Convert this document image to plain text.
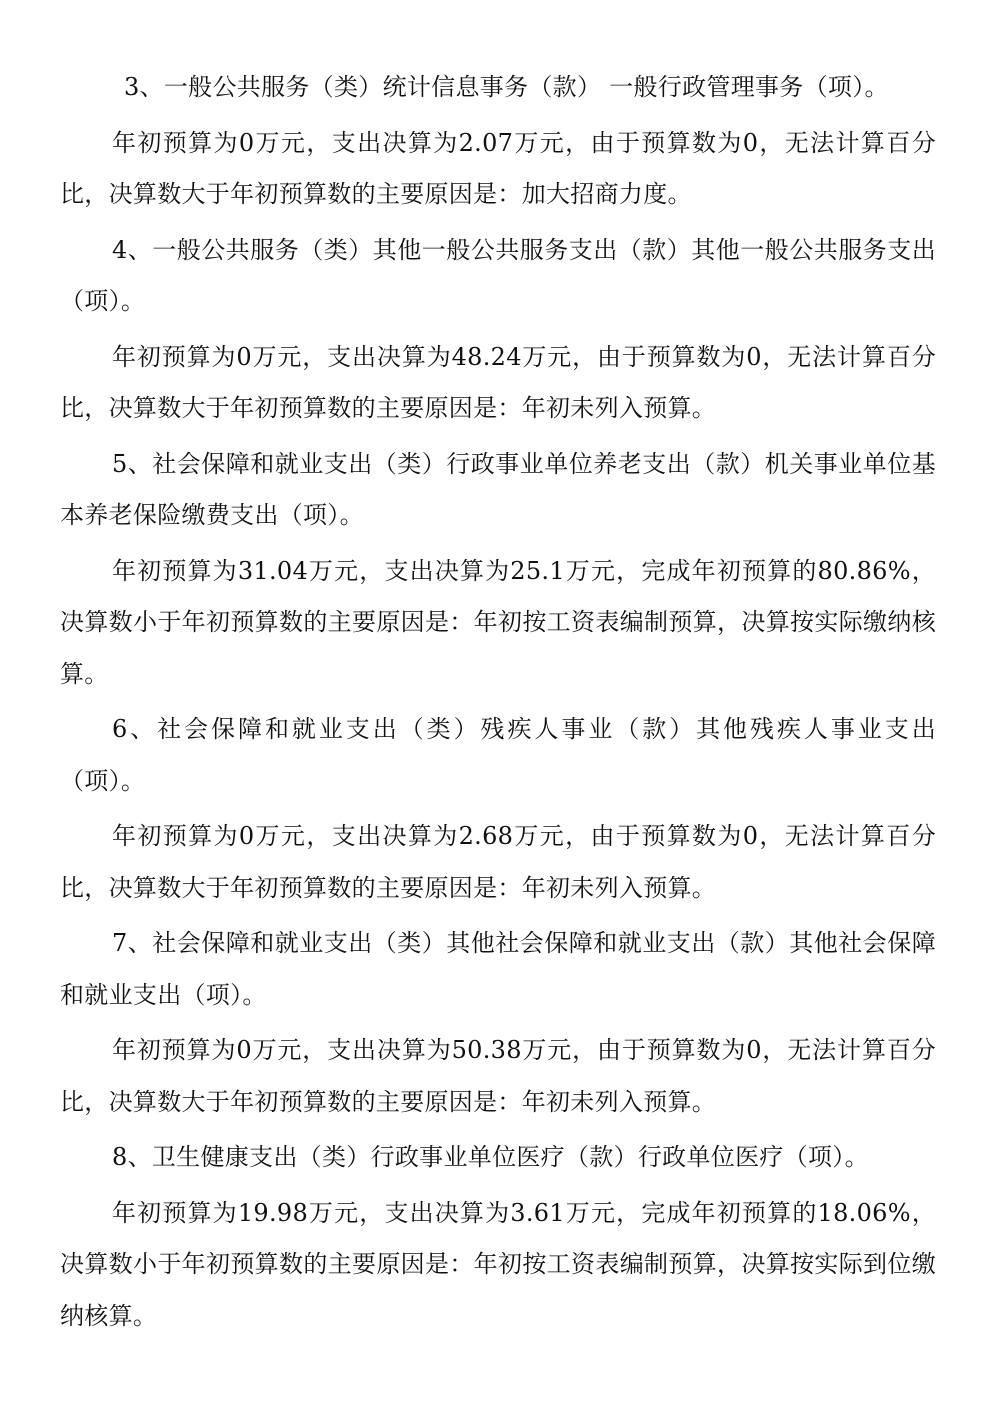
3、一般公共服务（类）统计信息事务（款） 一般行政管理事务（项）。

年初预算为0万元，支出决算为2.07万元，由于预算数为0，无法计算百分比，决算数大于年初预算数的主要原因是：加大招商力度。

4、一般公共服务（类）其他一般公共服务支出（款）其他一般公共服务支出（项）。

年初预算为0万元，支出决算为48.24万元，由于预算数为0，无法计算百分比，决算数大于年初预算数的主要原因是：年初未列入预算。

5、社会保障和就业支出（类）行政事业单位养老支出（款）机关事业单位基本养老保险缴费支出（项）。

年初预算为31.04万元，支出决算为25.1万元，完成年初预算的80.86%，决算数小于年初预算数的主要原因是：年初按工资表编制预算，决算按实际缴纳核算。

6、社会保障和就业支出（类）残疾人事业（款）其他残疾人事业支出（项）。

年初预算为0万元，支出决算为2.68万元，由于预算数为0，无法计算百分比，决算数大于年初预算数的主要原因是：年初未列入预算。

7、社会保障和就业支出（类）其他社会保障和就业支出（款）其他社会保障和就业支出（项）。

年初预算为0万元，支出决算为50.38万元，由于预算数为0，无法计算百分比，决算数大于年初预算数的主要原因是：年初未列入预算。

8、卫生健康支出（类）行政事业单位医疗（款）行政单位医疗（项）。

年初预算为19.98万元，支出决算为3.61万元，完成年初预算的18.06%，决算数小于年初预算数的主要原因是：年初按工资表编制预算，决算按实际到位缴纳核算。
